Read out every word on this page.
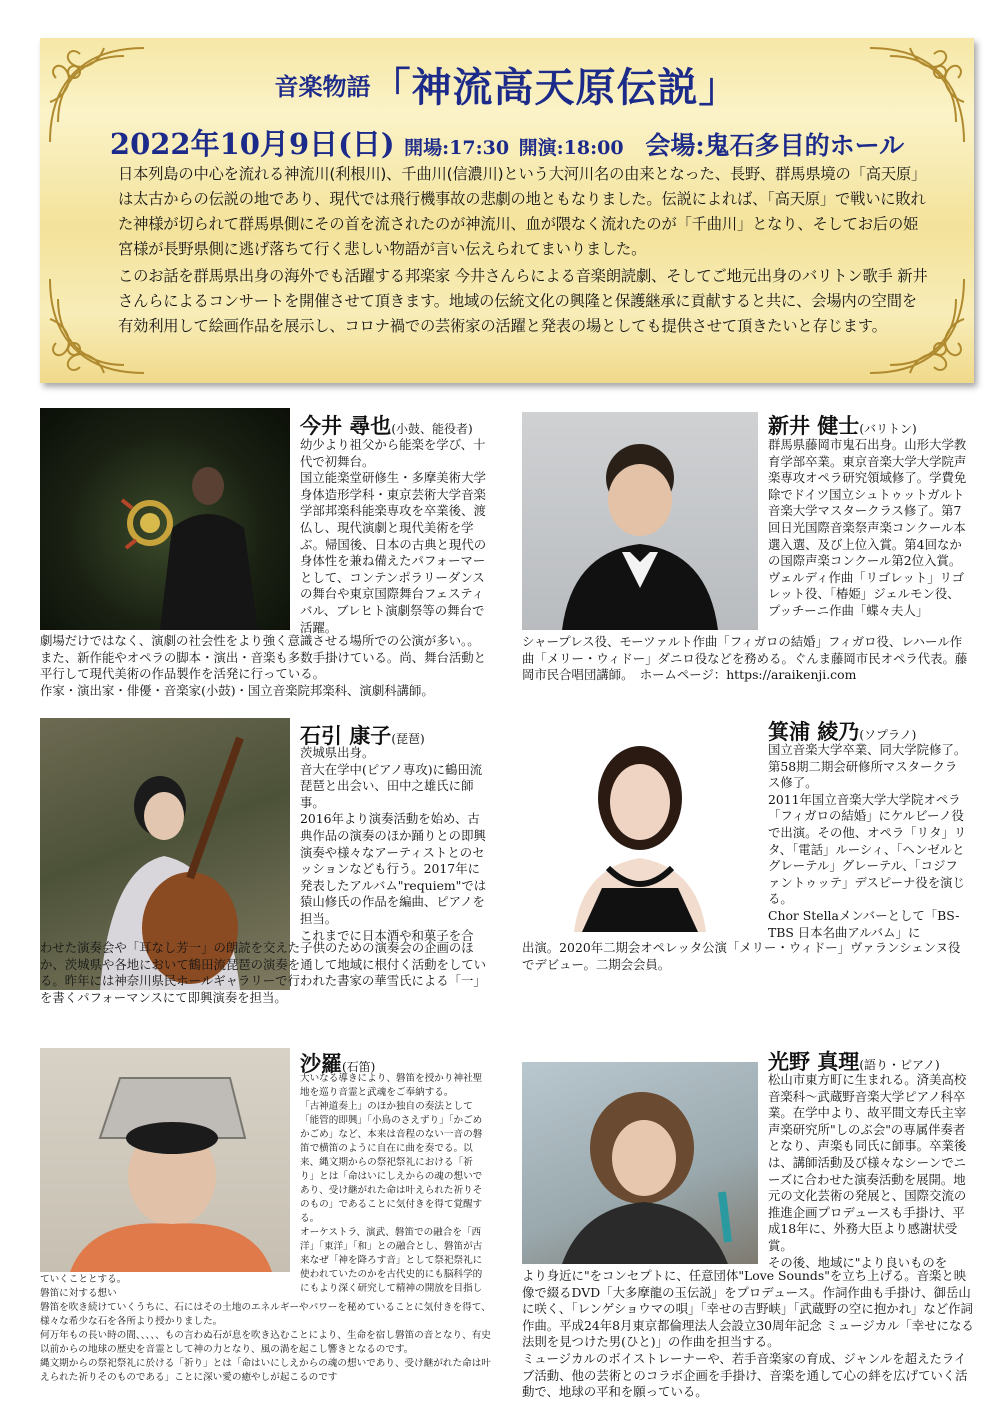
音楽物語「神流高天原伝説」
2022年10月9日(日) 開場:17:30 開演:18:00 会場:鬼石多目的ホール

日本列島の中心を流れる神流川(利根川)、千曲川(信濃川)という大河川名の由来となった、長野、群馬県境の「高天原」は太古からの伝説の地であり、現代では飛行機事故の悲劇の地ともなりました。伝説によれば、「高天原」で戦いに敗れた神様が切られて群馬県側にその首を流されたのが神流川、血が隈なく流れたのが「千曲川」となり、そしてお后の姫宮様が長野県側に逃げ落ちて行く悲しい物語が言い伝えられてまいりました。

このお話を群馬県出身の海外でも活躍する邦楽家 今井さんらによる音楽朗読劇、そしてご地元出身のバリトン歌手 新井さんらによるコンサートを開催させて頂きます。地域の伝統文化の興隆と保護継承に貢献すると共に、会場内の空間を有効利用して絵画作品を展示し、コロナ禍での芸術家の活躍と発表の場としても提供させて頂きたいと存じます。

今井 尋也(小鼓、能役者)
幼少より祖父から能楽を学び、十代で初舞台。
国立能楽堂研修生・多摩美術大学身体造形学科・東京芸術大学音楽学部邦楽科能楽専攻を卒業後、渡仏し、現代演劇と現代美術を学ぶ。帰国後、日本の古典と現代の身体性を兼ね備えたパフォーマーとして、コンテンポラリーダンスの舞台や東京国際舞台フェスティバル、ブレヒト演劇祭等の舞台で活躍。
劇場だけではなく、演劇の社会性をより強く意識させる場所での公演が多い。。
また、新作能やオペラの脚本・演出・音楽も多数手掛けている。尚、舞台活動と平行して現代美術の作品製作を活発に行っている。
作家・演出家・俳優・音楽家(小鼓)・国立音楽院邦楽科、演劇科講師。
新井 健士(バリトン)
群馬県藤岡市鬼石出身。山形大学教育学部卒業。東京音楽大学大学院声楽専攻オペラ研究領域修了。学費免除でドイツ国立シュトゥットガルト音楽大学マスタークラス修了。第7回日光国際音楽祭声楽コンクール本選入選、及び上位入賞。第4回なかの国際声楽コンクール第2位入賞。ヴェルディ作曲「リゴレット」リゴレット役、「椿姫」ジェルモン役、プッチーニ作曲「蝶々夫人」
シャープレス役、モーツァルト作曲「フィガロの結婚」フィガロ役、レハール作曲「メリー・ウィドー」ダニロ役などを務める。ぐんま藤岡市民オペラ代表。藤岡市民合唱団講師。　ホームページ：https://araikenji.com
石引 康子(琵琶)
茨城県出身。
音大在学中(ピアノ専攻)に鶴田流琵琶と出会い、田中之雄氏に師事。
2016年より演奏活動を始め、古典作品の演奏のほか踊りとの即興演奏や様々なアーティストとのセッションなども行う。2017年に発表したアルバム"requiem"では猿山修氏の作品を編曲、ピアノを担当。
これまでに日本酒や和菓子を合
わせた演奏会や「耳なし芳一」の朗読を交えた子供のための演奏会の企画のほか、茨城県や各地において鶴田流琵琶の演奏を通して地域に根付く活動をしている。昨年には神奈川県民ホールギャラリーで行われた書家の華雪氏による「一」を書くパフォーマンスにて即興演奏を担当。
箕浦 綾乃(ソプラノ)
国立音楽大学卒業、同大学院修了。第58期二期会研修所マスタークラス修了。
2011年国立音楽大学大学院オペラ「フィガロの結婚」にケルビーノ役で出演。その他、オペラ「リタ」リタ、「電話」ルーシィ、「ヘンゼルとグレーテル」グレーテル、「コジファントゥッテ」デスピーナ役を演じる。
Chor Stellaメンバーとして「BS-TBS 日本名曲アルバム」に
出演。2020年二期会オペレッタ公演「メリー・ウィドー」ヴァランシェンヌ役でデビュー。二期会会員。
沙羅(石笛)
大いなる導きにより、磐笛を授かり神社聖地を巡り音霊と武魂をご奉納する。
「古神道奏上」のほか独自の奏法として「能管的即興」「小鳥のさえずり」「かごめかごめ」など、本来は音程のない一音の磐笛で横笛のように自在に曲を奏でる。以来、縄文期からの祭祀祭礼における「祈り」とは「命はいにしえからの魂の想いであり、受け継がれた命は叶えられた祈りそのもの」であることに気付きを得て覚醒する。
オーケストラ、演武、磐笛での融合を「西洋」「東洋」「和」との融合とし、磐笛が古来なぜ「神を降ろす音」として祭祀祭礼に使われていたのかを古代史的にも脳科学的にもより深く研究して精神の開放を目指し
ていくこととする。
磐笛に対する想い
磐笛を吹き続けていくうちに、石にはその土地のエネルギーやパワーを秘めていることに気付きを得て、様々な希少な石を各所より授かりました。
何万年もの長い時の間、、、、、もの言わぬ石が息を吹き込むことにより、生命を宿し磐笛の音となり、有史以前からの地球の歴史を音霊として神の力となり、風の渦を起こし響きとなるのです。
縄文期からの祭祀祭礼に於ける「祈り」とは「命はいにしえからの魂の想いであり、受け継がれた命は叶えられた祈りそのものである」ことに深い愛の癒やしが起こるのです
光野 真理(語り・ピアノ)
松山市東方町に生まれる。済美高校音楽科～武蔵野音楽大学ピアノ科卒業。在学中より、故平間文寿氏主宰声楽研究所"しのぶ会"の専属伴奏者となり、声楽も同氏に師事。卒業後は、講師活動及び様々なシーンでニーズに合わせた演奏活動を展開。地元の文化芸術の発展と、国際交流の推進企画プロデュースも手掛け、平成18年に、外務大臣より感謝状受賞。
その後、地域に"より良いものを
より身近に"をコンセプトに、任意団体"Love Sounds"を立ち上げる。音楽と映像で綴るDVD「大多摩龍の玉伝説」をプロデュース。作詞作曲も手掛け、御岳山に咲く、「レンゲショウマの唄」「幸せの吉野峡」「武蔵野の空に抱かれ」など作詞作曲。平成24年8月東京都倫理法人会設立30周年記念 ミュージカル「幸せになる法則を見つけた男(ひと)」の作曲を担当する。
ミュージカルのボイストレーナーや、若手音楽家の育成、ジャンルを超えたライブ活動、他の芸術とのコラボ企画を手掛け、音楽を通して心の絆を広げていく活動で、地球の平和を願っている。
